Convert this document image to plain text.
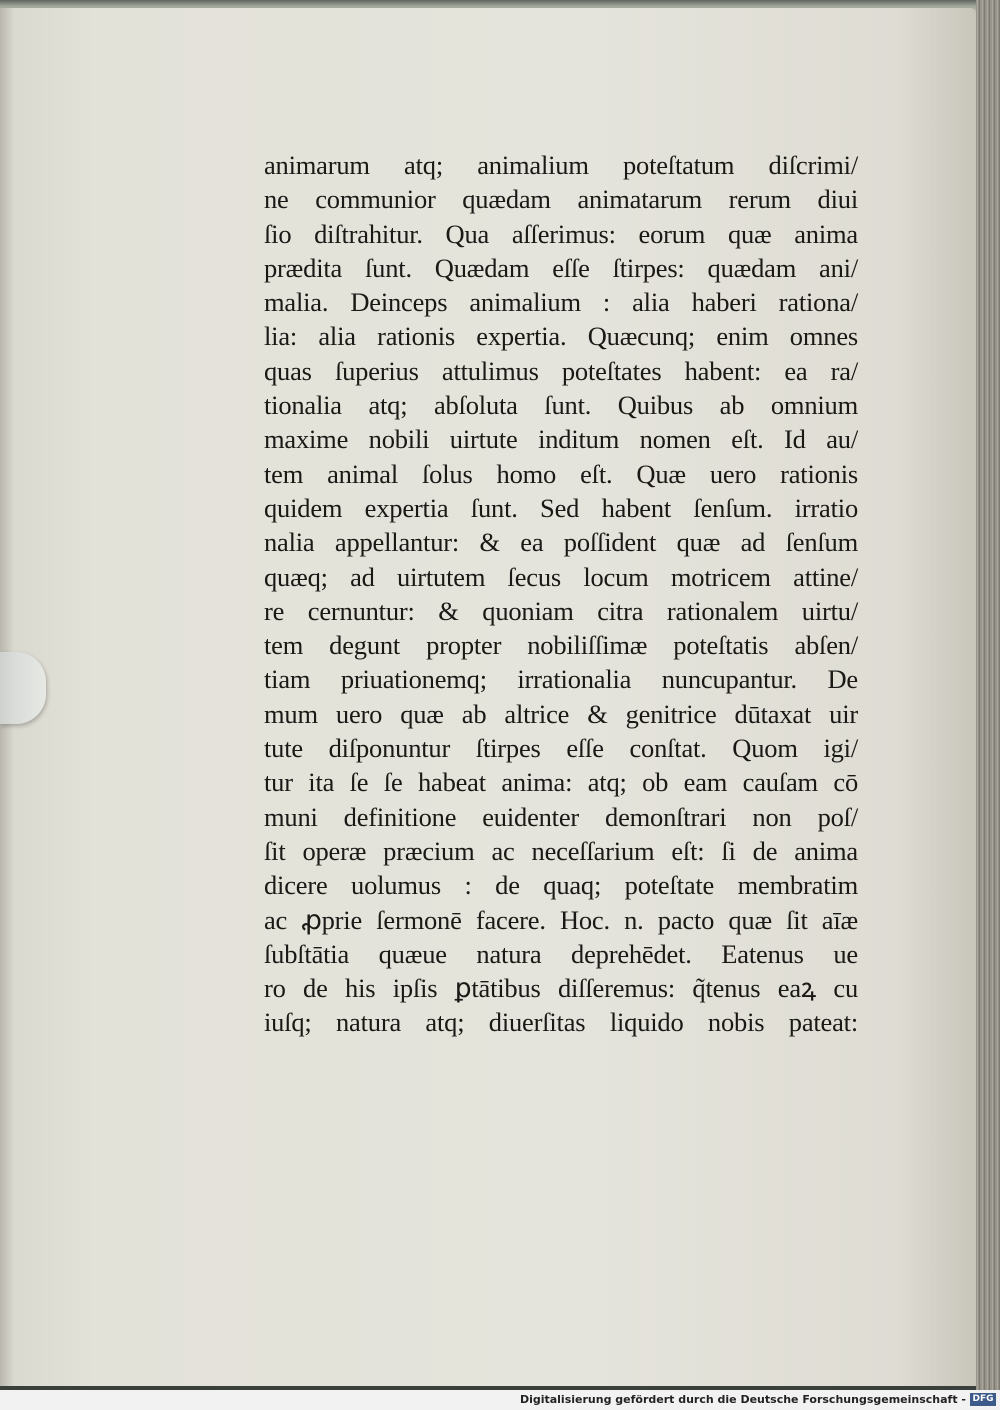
animarum atq; animalium poteſtatum diſcrimi/
ne communior quædam animatarum rerum diui
ſio diſtrahitur. Qua aſſerimus: eorum quæ anima
prædita ſunt. Quædam eſſe ſtirpes: quædam ani/
malia. Deinceps animalium : alia haberi rationa/
lia: alia rationis expertia. Quæcunq; enim omnes
quas ſuperius attulimus poteſtates habent: ea ra/
tionalia atq; abſoluta ſunt. Quibus ab omnium
maxime nobili uirtute inditum nomen eſt. Id au/
tem animal ſolus homo eſt. Quæ uero rationis
quidem expertia ſunt. Sed habent ſenſum. irratio
nalia appellantur: & ea poſſident quæ ad ſenſum
quæq; ad uirtutem ſecus locum motricem attine/
re cernuntur: & quoniam citra rationalem uirtu/
tem degunt propter nobiliſſimæ poteſtatis abſen/
tiam priuationemq; irrationalia nuncupantur. De
mum uero quæ ab altrice & genitrice dūtaxat uir
tute diſponuntur ſtirpes eſſe conſtat. Quom igi/
tur ita ſe ſe habeat anima: atq; ob eam cauſam cō
muni definitione euidenter demonſtrari non poſ/
ſit operæ præcium ac neceſſarium eſt: ſi de anima
dicere uolumus : de quaq; poteſtate membratim
ac ꝓprie ſermonē facere. Hoc. n. pacto quæ ſit aīæ
ſubſtātia quæue natura deprehēdet. Eatenus ue
ro de his ipſis ꝑtātibus diſſeremus: q̃tenus eaꝝ cu
iuſq; natura atq; diuerſitas liquido nobis pateat:
Digitalisierung gefördert durch die Deutsche Forschungsgemeinschaft - DFG
